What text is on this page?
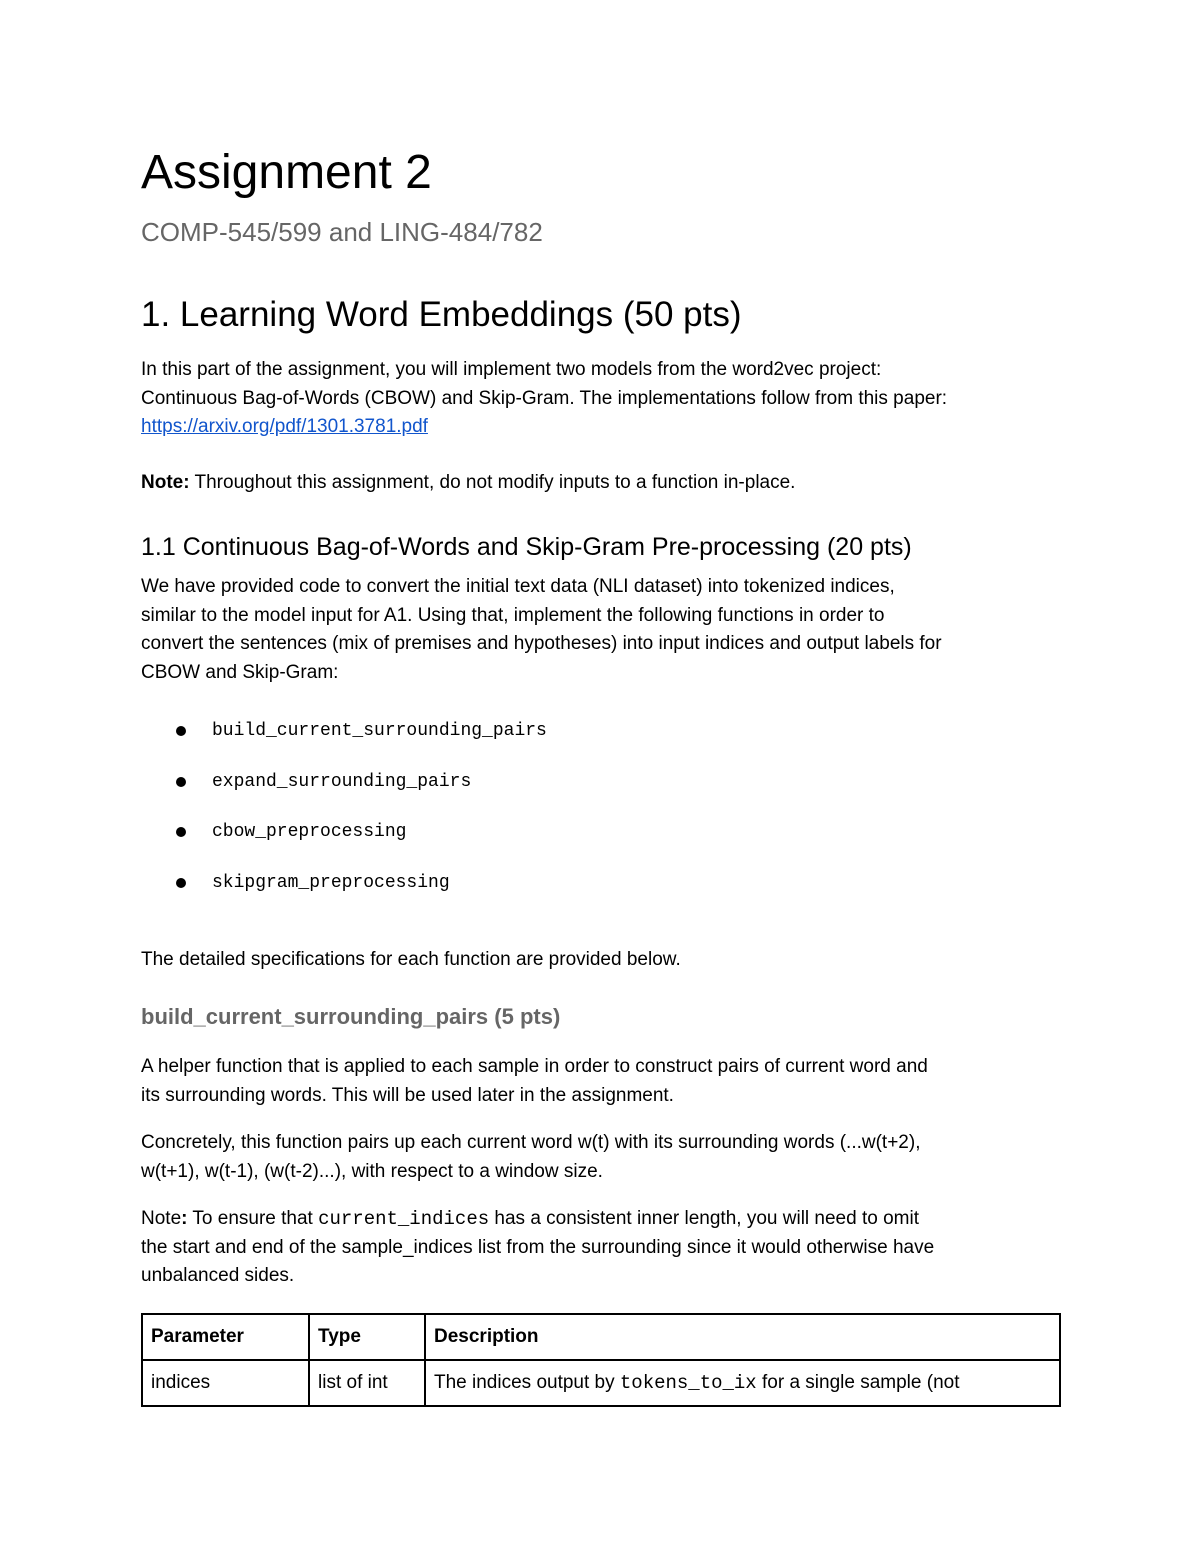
Assignment 2
COMP-545/599 and LING-484/782
1. Learning Word Embeddings (50 pts)
In this part of the assignment, you will implement two models from the word2vec project:
Continuous Bag-of-Words (CBOW) and Skip-Gram. The implementations follow from this paper:
https://arxiv.org/pdf/1301.3781.pdf
Note: Throughout this assignment, do not modify inputs to a function in-place.
1.1 Continuous Bag-of-Words and Skip-Gram Pre-processing (20 pts)
We have provided code to convert the initial text data (NLI dataset) into tokenized indices,
similar to the model input for A1. Using that, implement the following functions in order to
convert the sentences (mix of premises and hypotheses) into input indices and output labels for
CBOW and Skip-Gram:
build_current_surrounding_pairs
expand_surrounding_pairs
cbow_preprocessing
skipgram_preprocessing
The detailed specifications for each function are provided below.
build_current_surrounding_pairs (5 pts)
A helper function that is applied to each sample in order to construct pairs of current word and
its surrounding words. This will be used later in the assignment.
Concretely, this function pairs up each current word w(t) with its surrounding words (...w(t+2),
w(t+1), w(t-1), (w(t-2)...), with respect to a window size.
Note: To ensure that current_indices has a consistent inner length, you will need to omit
the start and end of the sample_indices list from the surrounding since it would otherwise have
unbalanced sides.
Parameter	Type	Description
indices	list of int	The indices output by tokens_to_ix for a single sample (not
